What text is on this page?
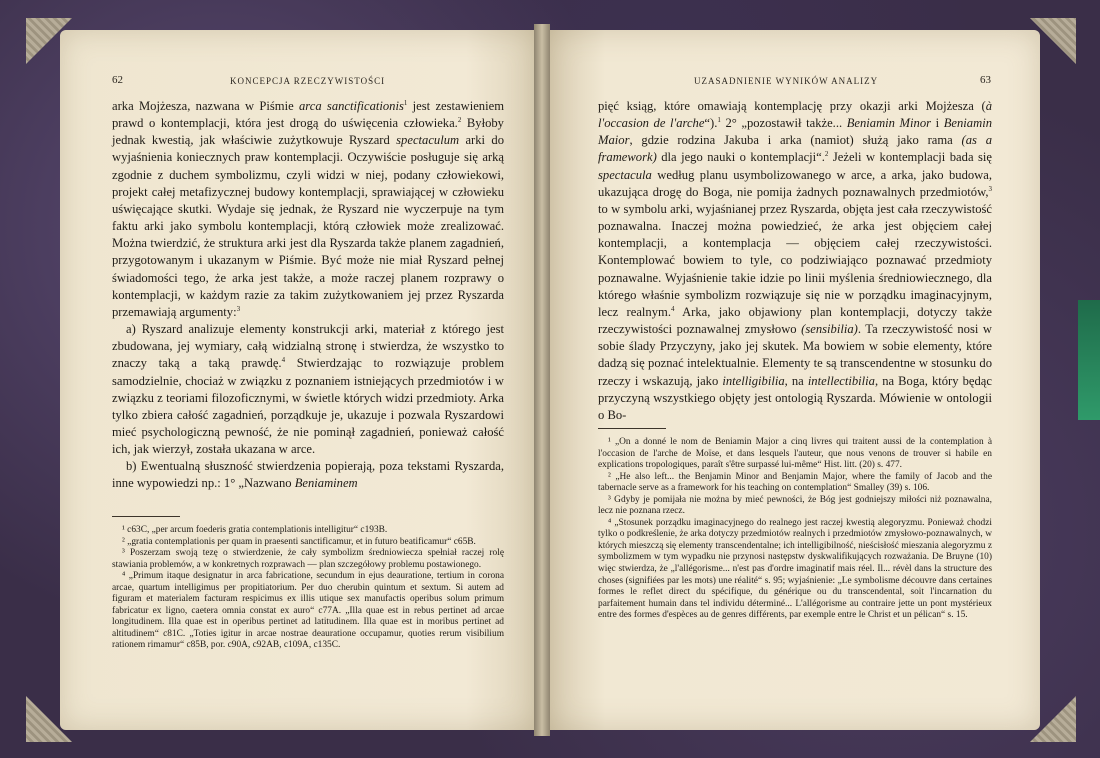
62	KONCEPCJA RZECZYWISTOŚCI	UZASADNIENIE WYNIKÓW ANALIZY	63

arka Mojżesza, nazwana w Piśmie arca sanctificationis$^1$ jest zestawieniem prawd o kontemplacji, która jest drogą do uświęcenia człowieka.$^2$ Byłoby jednak kwestią, jak właściwie zużytkowuje Ryszard spectaculum arki do wyjaśnienia koniecznych praw kontemplacji. Oczywiście posługuje się arką zgodnie z duchem symbolizmu, czyli widzi w niej, podany człowiekowi, projekt całej metafizycznej budowy kontemplacji, sprawiającej w człowieku uświęcające skutki. Wydaje się jednak, że Ryszard nie wyczerpuje na tym faktu arki jako symbolu kontemplacji, którą człowiek może zrealizować. Można twierdzić, że struktura arki jest dla Ryszarda także planem zagadnień, przygotowanym i ukazanym w Piśmie. Być może nie miał Ryszard pełnej świadomości tego, że arka jest także, a może raczej planem rozprawy o kontemplacji, w każdym razie za takim zużytkowaniem jej przez Ryszarda przemawiają argumenty:$^3$

a) Ryszard analizuje elementy konstrukcji arki, materiał z którego jest zbudowana, jej wymiary, całą widzialną stronę i stwierdza, że wszystko to znaczy taką a taką prawdę.$^4$ Stwierdzając to rozwiązuje problem samodzielnie, chociaż w związku z poznaniem istniejących przedmiotów i w związku z teoriami filozoficznymi, w świetle których widzi przedmioty. Arka tylko zbiera całość zagadnień, porządkuje je, ukazuje i pozwala Ryszardowi mieć psychologiczną pewność, że nie pominął zagadnień, ponieważ całość ich, jak wierzył, została ukazana w arce.

b) Ewentualną słuszność stwierdzenia popierają, poza tekstami Ryszarda, inne wypowiedzi np.: 1° „Nazwano Beniaminem

¹ c63C, „per arcum foederis gratia contemplationis intelligitur“ c193B.

² „gratia contemplationis per quam in praesenti sanctificamur, et in futuro beatificamur“ c65B.

³ Poszerzam swoją tezę o stwierdzenie, że cały symbolizm średniowiecza spełniał raczej rolę stawiania problemów, a w konkretnych rozprawach — plan szczegółowy problemu postawionego.

⁴ „Primum itaque designatur in arca fabricatione, secundum in ejus deauratione, tertium in corona arcae, quartum intelligimus per propitiatorium. Per duo cherubin quintum et sextum. Si autem ad figuram et materialem facturam respicimus ex illis utique sex manufactis operibus solum primum fabricatur ex ligno, caetera omnia constat ex auro“ c77A. „Illa quae est in rebus pertinet ad arcae longitudinem. Illa quae est in operibus pertinet ad latitudinem. Illa quae est in moribus pertinet ad altitudinem“ c81C. „Toties igitur in arcae nostrae deauratione occupamur, quoties rerum visibilium rationem rimamur“ c85B, por. c90A, c92AB, c109A, c135C.

pięć ksiąg, które omawiają kontemplację przy okazji arki Mojżesza (à l'occasion de l'arche“).$^1$ 2° „pozostawił także... Beniamin Minor i Beniamin Maior, gdzie rodzina Jakuba i arka (namiot) służą jako rama (as a framework) dla jego nauki o kontemplacji“.$^2$ Jeżeli w kontemplacji bada się spectacula według planu usymbolizowanego w arce, a arka, jako budowa, ukazująca drogę do Boga, nie pomija żadnych poznawalnych przedmiotów,$^3$ to w symbolu arki, wyjaśnianej przez Ryszarda, objęta jest cała rzeczywistość poznawalna. Inaczej można powiedzieć, że arka jest objęciem całej kontemplacji, a kontemplacja — objęciem całej rzeczywistości. Kontemplować bowiem to tyle, co podziwiająco poznawać przedmioty poznawalne. Wyjaśnienie takie idzie po linii myślenia średniowiecznego, dla którego właśnie symbolizm rozwiązuje się nie w porządku imaginacyjnym, lecz realnym.$^4$ Arka, jako objawiony plan kontemplacji, dotyczy także rzeczywistości poznawalnej zmysłowo (sensibilia). Ta rzeczywistość nosi w sobie ślady Przyczyny, jako jej skutek. Ma bowiem w sobie elementy, które dadzą się poznać intelektualnie. Elementy te są transcendentne w stosunku do rzeczy i wskazują, jako intelligibilia, na intellectibilia, na Boga, który będąc przyczyną wszystkiego objęty jest ontologią Ryszarda. Mówienie w ontologii o Bo-

¹ „On a donné le nom de Beniamin Major a cinq livres qui traitent aussi de la contemplation à l'occasion de l'arche de Moïse, et dans lesquels l'auteur, que nous venons de trouver si habile en explications tropologiques, paraît s'être surpassé lui-même“ Hist. litt. (20) s. 477.

² „He also left... the Benjamin Minor and Benjamin Major, where the family of Jacob and the tabernacle serve as a framework for his teaching on contemplation“ Smalley (39) s. 106.

³ Gdyby je pomijała nie można by mieć pewności, że Bóg jest godniejszy miłości niż poznawalna, lecz nie poznana rzecz.

⁴ „Stosunek porządku imaginacyjnego do realnego jest raczej kwestią alegoryzmu. Ponieważ chodzi tylko o podkreślenie, że arka dotyczy przedmiotów realnych i przedmiotów zmysłowo-poznawalnych, w których mieszczą się elementy transcendentalne; ich intelligibilność, nieścisłość mieszania alegoryzmu z symbolizmem w tym wypadku nie przynosi następstw dyskwalifikujących rozważania. De Bruyne (10) więc stwierdza, że „l'allégorisme... n'est pas d'ordre imaginatif mais réel. Il... révèl dans la structure des choses (signifiées par les mots) une réalité“ s. 95; wyjaśnienie: „Le symbolisme découvre dans certaines formes le reflet direct du spécifique, du générique ou du transcendental, soit l'incarnation du parfaitement humain dans tel individu déterminé... L'allégorisme au contraire jette un pont mystérieux entre des formes d'espèces au de genres différents, par exemple entre le Christ et un pélican“ s. 15.
